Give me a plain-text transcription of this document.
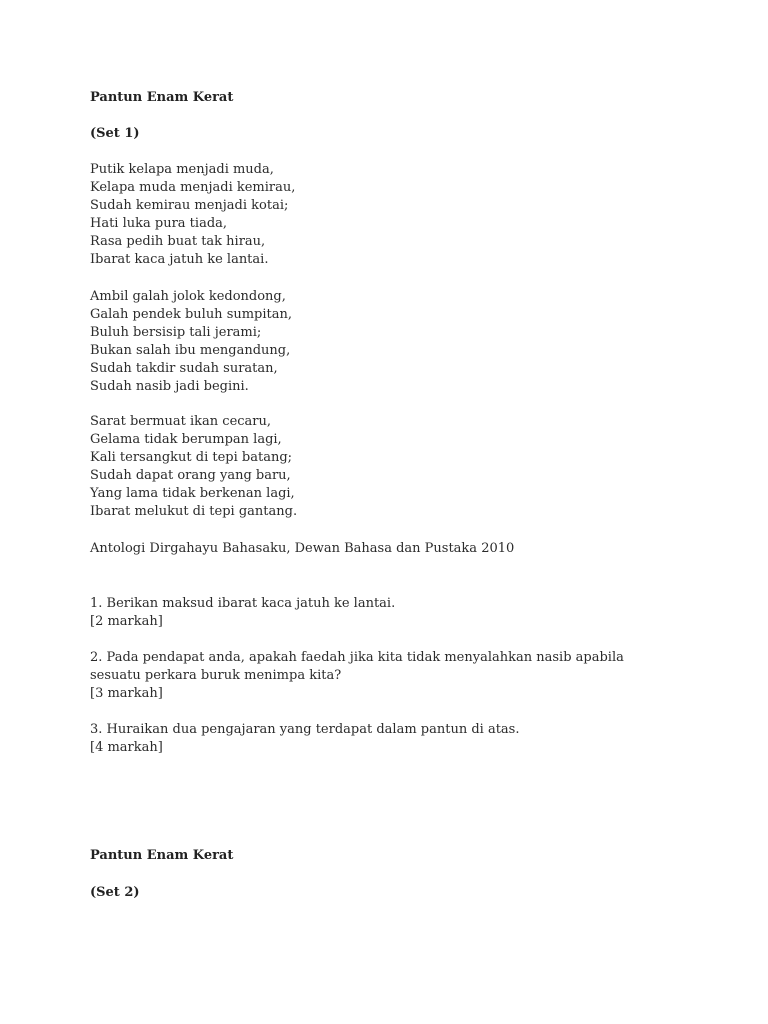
Pantun Enam Kerat
(Set 1)
Putik kelapa menjadi muda,
Kelapa muda menjadi kemirau,
Sudah kemirau menjadi kotai;
Hati luka pura tiada,
Rasa pedih buat tak hirau,
Ibarat kaca jatuh ke lantai.
Ambil galah jolok kedondong,
Galah pendek buluh sumpitan,
Buluh bersisip tali jerami;
Bukan salah ibu mengandung,
Sudah takdir sudah suratan,
Sudah nasib jadi begini.
Sarat bermuat ikan cecaru,
Gelama tidak berumpan lagi,
Kali tersangkut di tepi batang;
Sudah dapat orang yang baru,
Yang lama tidak berkenan lagi,
Ibarat melukut di tepi gantang.
Antologi Dirgahayu Bahasaku, Dewan Bahasa dan Pustaka 2010
1. Berikan maksud ibarat kaca jatuh ke lantai.
[2 markah]
2. Pada pendapat anda, apakah faedah jika kita tidak menyalahkan nasib apabila sesuatu perkara buruk menimpa kita?
[3 markah]
3. Huraikan dua pengajaran yang terdapat dalam pantun di atas.
[4 markah]
Pantun Enam Kerat
(Set 2)
